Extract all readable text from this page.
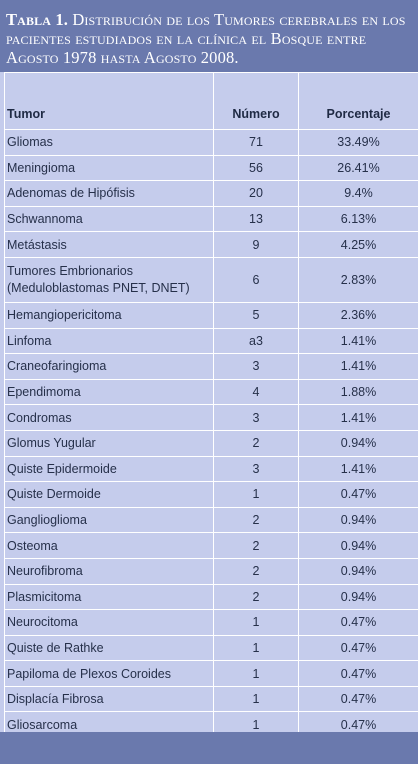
Tabla 1. Distribución de los Tumores cerebrales en los pacientes estudiados en la clínica el Bosque entre Agosto 1978 hasta Agosto 2008.
Tumor	Número	Porcentaje
Gliomas	71	33.49%
Meningioma	56	26.41%
Adenomas de Hipófisis	20	9.4%
Schwannoma	13	6.13%
Metástasis	9	4.25%
Tumores Embrionarios (Meduloblastomas PNET, DNET)	6	2.83%
Hemangiopericitoma	5	2.36%
Linfoma	a3	1.41%
Craneofaringioma	3	1.41%
Ependimoma	4	1.88%
Condromas	3	1.41%
Glomus Yugular	2	0.94%
Quiste Epidermoide	3	1.41%
Quiste Dermoide	1	0.47%
Ganglioglioma	2	0.94%
Osteoma	2	0.94%
Neurofibroma	2	0.94%
Plasmicitoma	2	0.94%
Neurocitoma	1	0.47%
Quiste de Rathke	1	0.47%
Papiloma de Plexos Coroides	1	0.47%
Displacía Fibrosa	1	0.47%
Gliosarcoma	1	0.47%
